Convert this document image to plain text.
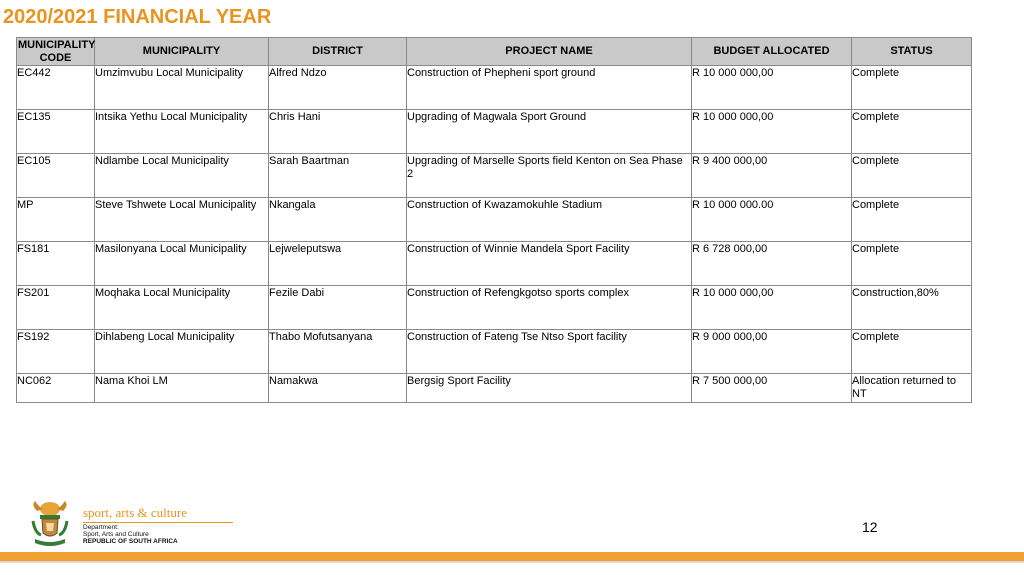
2020/2021 FINANCIAL YEAR
MUNICIPALITY CODE	MUNICIPALITY	DISTRICT	PROJECT NAME	BUDGET ALLOCATED	STATUS
EC442	Umzimvubu Local Municipality	Alfred Ndzo	Construction of Phepheni sport ground	R 10 000 000,00	Complete
EC135	Intsika Yethu Local Municipality	Chris Hani	Upgrading of Magwala Sport Ground	R 10 000 000,00	Complete
EC105	Ndlambe Local Municipality	Sarah Baartman	Upgrading of Marselle Sports field Kenton on Sea Phase 2	R 9 400 000,00	Complete
MP	Steve Tshwete Local Municipality	Nkangala	Construction of Kwazamokuhle Stadium	R 10 000 000.00	Complete
FS181	Masilonyana Local Municipality	Lejweleputswa	Construction of Winnie Mandela Sport Facility	R 6 728 000,00	Complete
FS201	Moqhaka Local Municipality	Fezile Dabi	Construction of Refengkgotso sports complex	R 10 000 000,00	Construction,80%
FS192	Dihlabeng Local Municipality	Thabo Mofutsanyana	Construction of Fateng Tse Ntso Sport facility	R 9 000 000,00	Complete
NC062	Nama Khoi LM	Namakwa	Bergsig Sport Facility	R 7 500 000,00	Allocation returned to NT
sport, arts & culture
Department:
Sport, Arts and Culture
REPUBLIC OF SOUTH AFRICA
12
